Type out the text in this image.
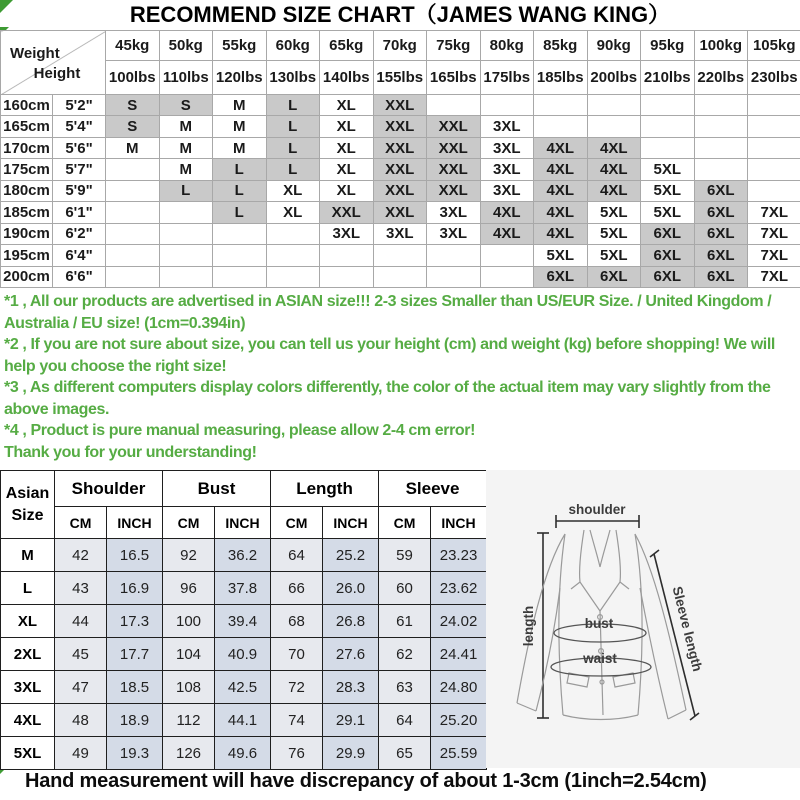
RECOMMEND SIZE CHART（JAMES WANG KING）
Weight
Height		45kg	50kg	55kg	60kg	65kg	70kg	75kg	80kg	85kg	90kg	95kg	100kg	105kg
		100lbs	110lbs	120lbs	130lbs	140lbs	155lbs	165lbs	175lbs	185lbs	200lbs	210lbs	220lbs	230lbs
160cm	5'2"	S	S	M	L	XL	XXL							
165cm	5'4"	S	M	M	L	XL	XXL	XXL	3XL					
170cm	5'6"	M	M	M	L	XL	XXL	XXL	3XL	4XL	4XL			
175cm	5'7"		M	L	L	XL	XXL	XXL	3XL	4XL	4XL	5XL		
180cm	5'9"		L	L	XL	XL	XXL	XXL	3XL	4XL	4XL	5XL	6XL	
185cm	6'1"			L	XL	XXL	XXL	3XL	4XL	4XL	5XL	5XL	6XL	7XL
190cm	6'2"					3XL	3XL	3XL	4XL	4XL	5XL	6XL	6XL	7XL
195cm	6'4"									5XL	5XL	6XL	6XL	7XL
200cm	6'6"									6XL	6XL	6XL	6XL	7XL
*1 , All our products are advertised in ASIAN size!!! 2-3 sizes Smaller than US/EUR Size. / United Kingdom / Australia / EU size! (1cm=0.394in)
*2 , If you are not sure about size, you can tell us your height (cm) and weight (kg) before shopping! We will help you choose the right size!
*3 , As different computers display colors differently, the color of the actual item may vary slightly from the above images.
*4 , Product is pure manual measuring, please allow 2-4 cm error!
Thank you for your understanding!
Asian
Size	Shoulder		Bust		Length		Sleeve	
	CM	INCH	CM	INCH	CM	INCH	CM	INCH
M	42	16.5	92	36.2	64	25.2	59	23.23
L	43	16.9	96	37.8	66	26.0	60	23.62
XL	44	17.3	100	39.4	68	26.8	61	24.02
2XL	45	17.7	104	40.9	70	27.6	62	24.41
3XL	47	18.5	108	42.5	72	28.3	63	24.80
4XL	48	18.9	112	44.1	74	29.1	64	25.20
5XL	49	19.3	126	49.6	76	29.9	65	25.59
shoulder
length	Sleeve length
bust
waist
Hand measurement will have discrepancy of about 1-3cm (1inch=2.54cm)
